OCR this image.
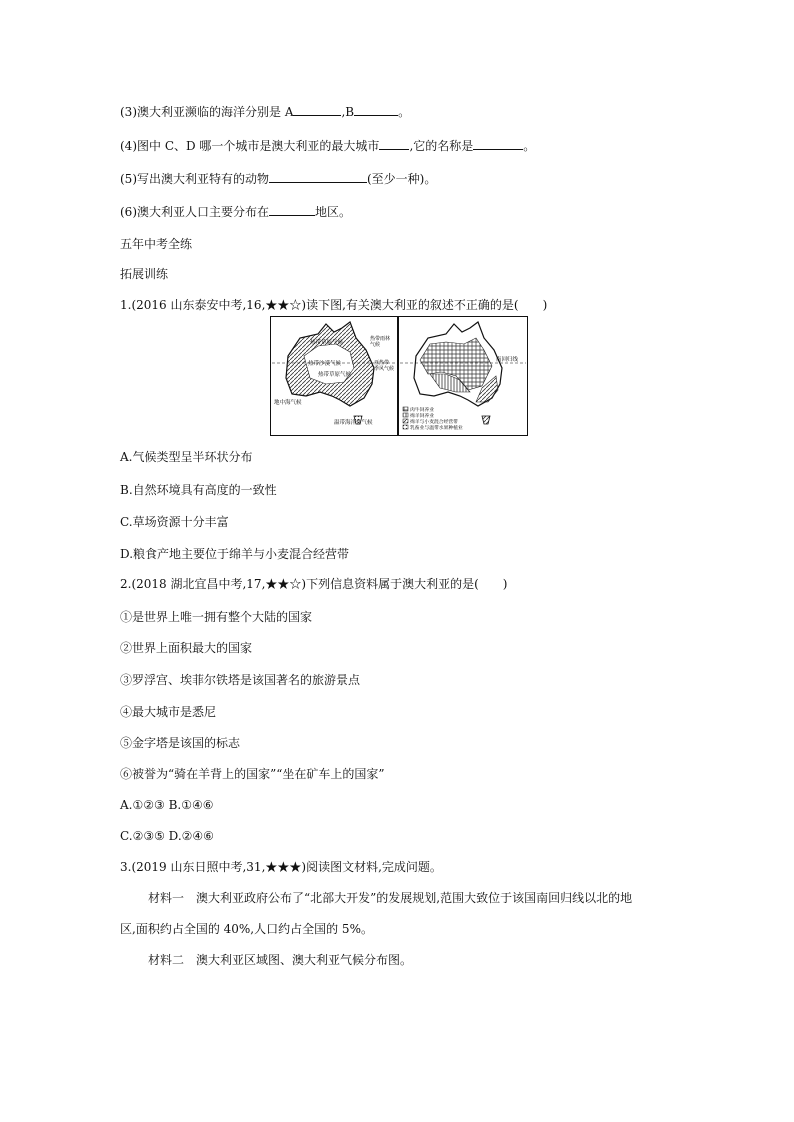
(3)澳大利亚濒临的海洋分别是 A	,B	。
(4)图中 C、D 哪一个城市是澳大利亚的最大城市	,它的名称是	。
(5)写出澳大利亚特有的动物	(至少一种)。
(6)澳大利亚人口主要分布在	地区。
五年中考全练
拓展训练
1.(2016 山东泰安中考,16,★★☆)读下图,有关澳大利亚的叙述不正确的是(　　)
热带草原气候
热带沙漠气候
热带草原气候
热带雨林
气候
亚热带
季风气候
地中海气候
温带海洋性气候
南回归线
肉牛饲养业
绵羊饲养业
绵羊与小麦混合经营带
乳畜业与温带水果种植业
A.气候类型呈半环状分布
B.自然环境具有高度的一致性
C.草场资源十分丰富
D.粮食产地主要位于绵羊与小麦混合经营带
2.(2018 湖北宜昌中考,17,★★☆)下列信息资料属于澳大利亚的是(　　)
①是世界上唯一拥有整个大陆的国家
②世界上面积最大的国家
③罗浮宫、埃菲尔铁塔是该国著名的旅游景点
④最大城市是悉尼
⑤金字塔是该国的标志
⑥被誉为“骑在羊背上的国家”“坐在矿车上的国家”
A.①②③ B.①④⑥
C.②③⑤ D.②④⑥
3.(2019 山东日照中考,31,★★★)阅读图文材料,完成问题。
材料一　澳大利亚政府公布了“北部大开发”的发展规划,范围大致位于该国南回归线以北的地
区,面积约占全国的 40%,人口约占全国的 5%。
材料二　澳大利亚区域图、澳大利亚气候分布图。
